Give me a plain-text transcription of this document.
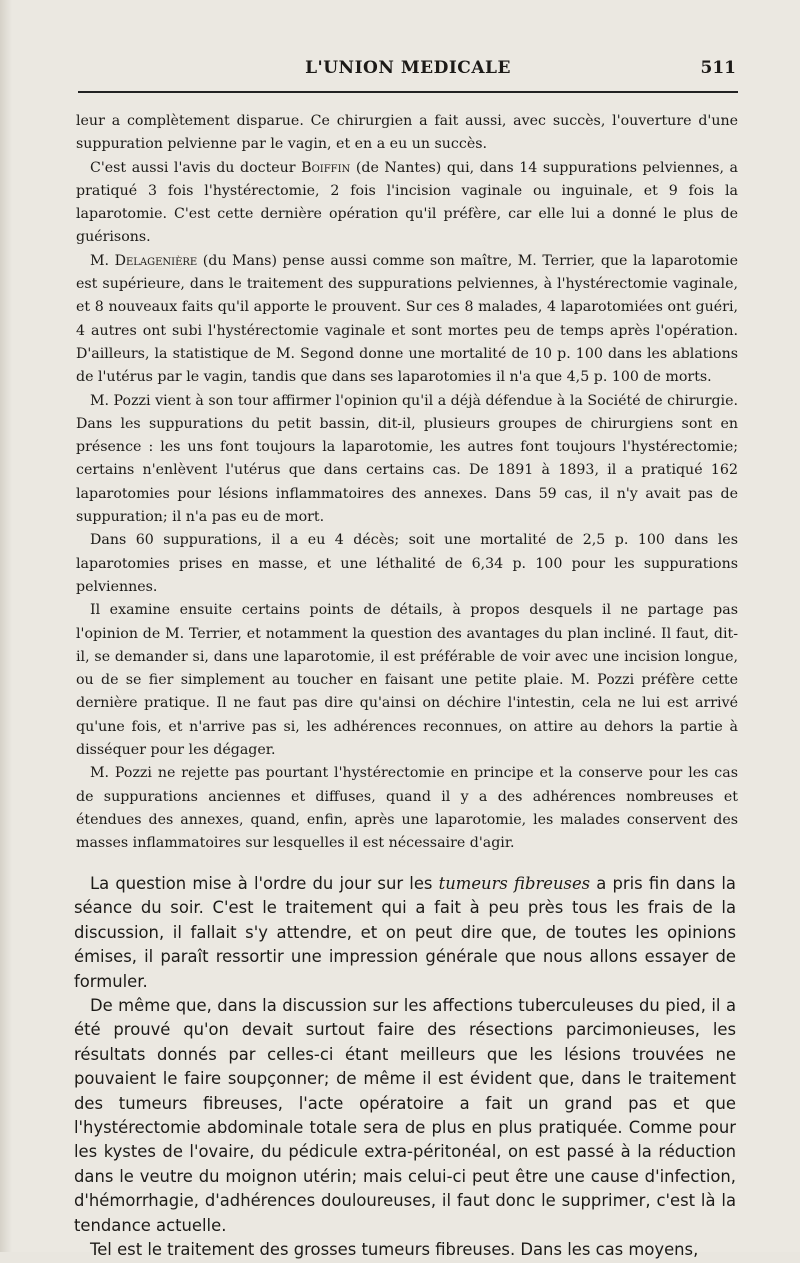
L'UNION MEDICALE	511

leur a complètement disparue. Ce chirurgien a fait aussi, avec succès, l'ouverture d'une suppuration pelvienne par le vagin, et en a eu un succès.

C'est aussi l'avis du docteur Boiffin (de Nantes) qui, dans 14 suppurations pelviennes, a pratiqué 3 fois l'hystérectomie, 2 fois l'incision vaginale ou inguinale, et 9 fois la laparotomie. C'est cette dernière opération qu'il préfère, car elle lui a donné le plus de guérisons.

M. Delagenière (du Mans) pense aussi comme son maître, M. Terrier, que la laparotomie est supérieure, dans le traitement des suppurations pelviennes, à l'hystérectomie vaginale, et 8 nouveaux faits qu'il apporte le prouvent. Sur ces 8 malades, 4 laparotomiées ont guéri, 4 autres ont subi l'hystérectomie vaginale et sont mortes peu de temps après l'opération. D'ailleurs, la statistique de M. Segond donne une mortalité de 10 p. 100 dans les ablations de l'utérus par le vagin, tandis que dans ses laparotomies il n'a que 4,5 p. 100 de morts.

M. Pozzi vient à son tour affirmer l'opinion qu'il a déjà défendue à la Société de chirurgie. Dans les suppurations du petit bassin, dit-il, plusieurs groupes de chirurgiens sont en présence : les uns font toujours la laparotomie, les autres font toujours l'hystérectomie; certains n'enlèvent l'utérus que dans certains cas. De 1891 à 1893, il a pratiqué 162 laparotomies pour lésions inflammatoires des annexes. Dans 59 cas, il n'y avait pas de suppuration; il n'a pas eu de mort.

Dans 60 suppurations, il a eu 4 décès; soit une mortalité de 2,5 p. 100 dans les laparotomies prises en masse, et une léthalité de 6,34 p. 100 pour les suppurations pelviennes.

Il examine ensuite certains points de détails, à propos desquels il ne partage pas l'opinion de M. Terrier, et notamment la question des avantages du plan incliné. Il faut, dit-il, se demander si, dans une laparotomie, il est préférable de voir avec une incision longue, ou de se fier simplement au toucher en faisant une petite plaie. M. Pozzi préfère cette dernière pratique. Il ne faut pas dire qu'ainsi on déchire l'intestin, cela ne lui est arrivé qu'une fois, et n'arrive pas si, les adhérences reconnues, on attire au dehors la partie à disséquer pour les dégager.

M. Pozzi ne rejette pas pourtant l'hystérectomie en principe et la conserve pour les cas de suppurations anciennes et diffuses, quand il y a des adhérences nombreuses et étendues des annexes, quand, enfin, après une laparotomie, les malades conservent des masses inflammatoires sur lesquelles il est nécessaire d'agir.

La question mise à l'ordre du jour sur les tumeurs fibreuses a pris fin dans la séance du soir. C'est le traitement qui a fait à peu près tous les frais de la discussion, il fallait s'y attendre, et on peut dire que, de toutes les opinions émises, il paraît ressortir une impression générale que nous allons essayer de formuler.

De même que, dans la discussion sur les affections tuberculeuses du pied, il a été prouvé qu'on devait surtout faire des résections parcimonieuses, les résultats donnés par celles-ci étant meilleurs que les lésions trouvées ne pouvaient le faire soupçonner; de même il est évident que, dans le traitement des tumeurs fibreuses, l'acte opératoire a fait un grand pas et que l'hystérectomie abdominale totale sera de plus en plus pratiquée. Comme pour les kystes de l'ovaire, du pédicule extra-péritonéal, on est passé à la réduction dans le veutre du moignon utérin; mais celui-ci peut être une cause d'infection, d'hémorrhagie, d'adhérences douloureuses, il faut donc le supprimer, c'est là la tendance actuelle.

Tel est le traitement des grosses tumeurs fibreuses. Dans les cas moyens,
